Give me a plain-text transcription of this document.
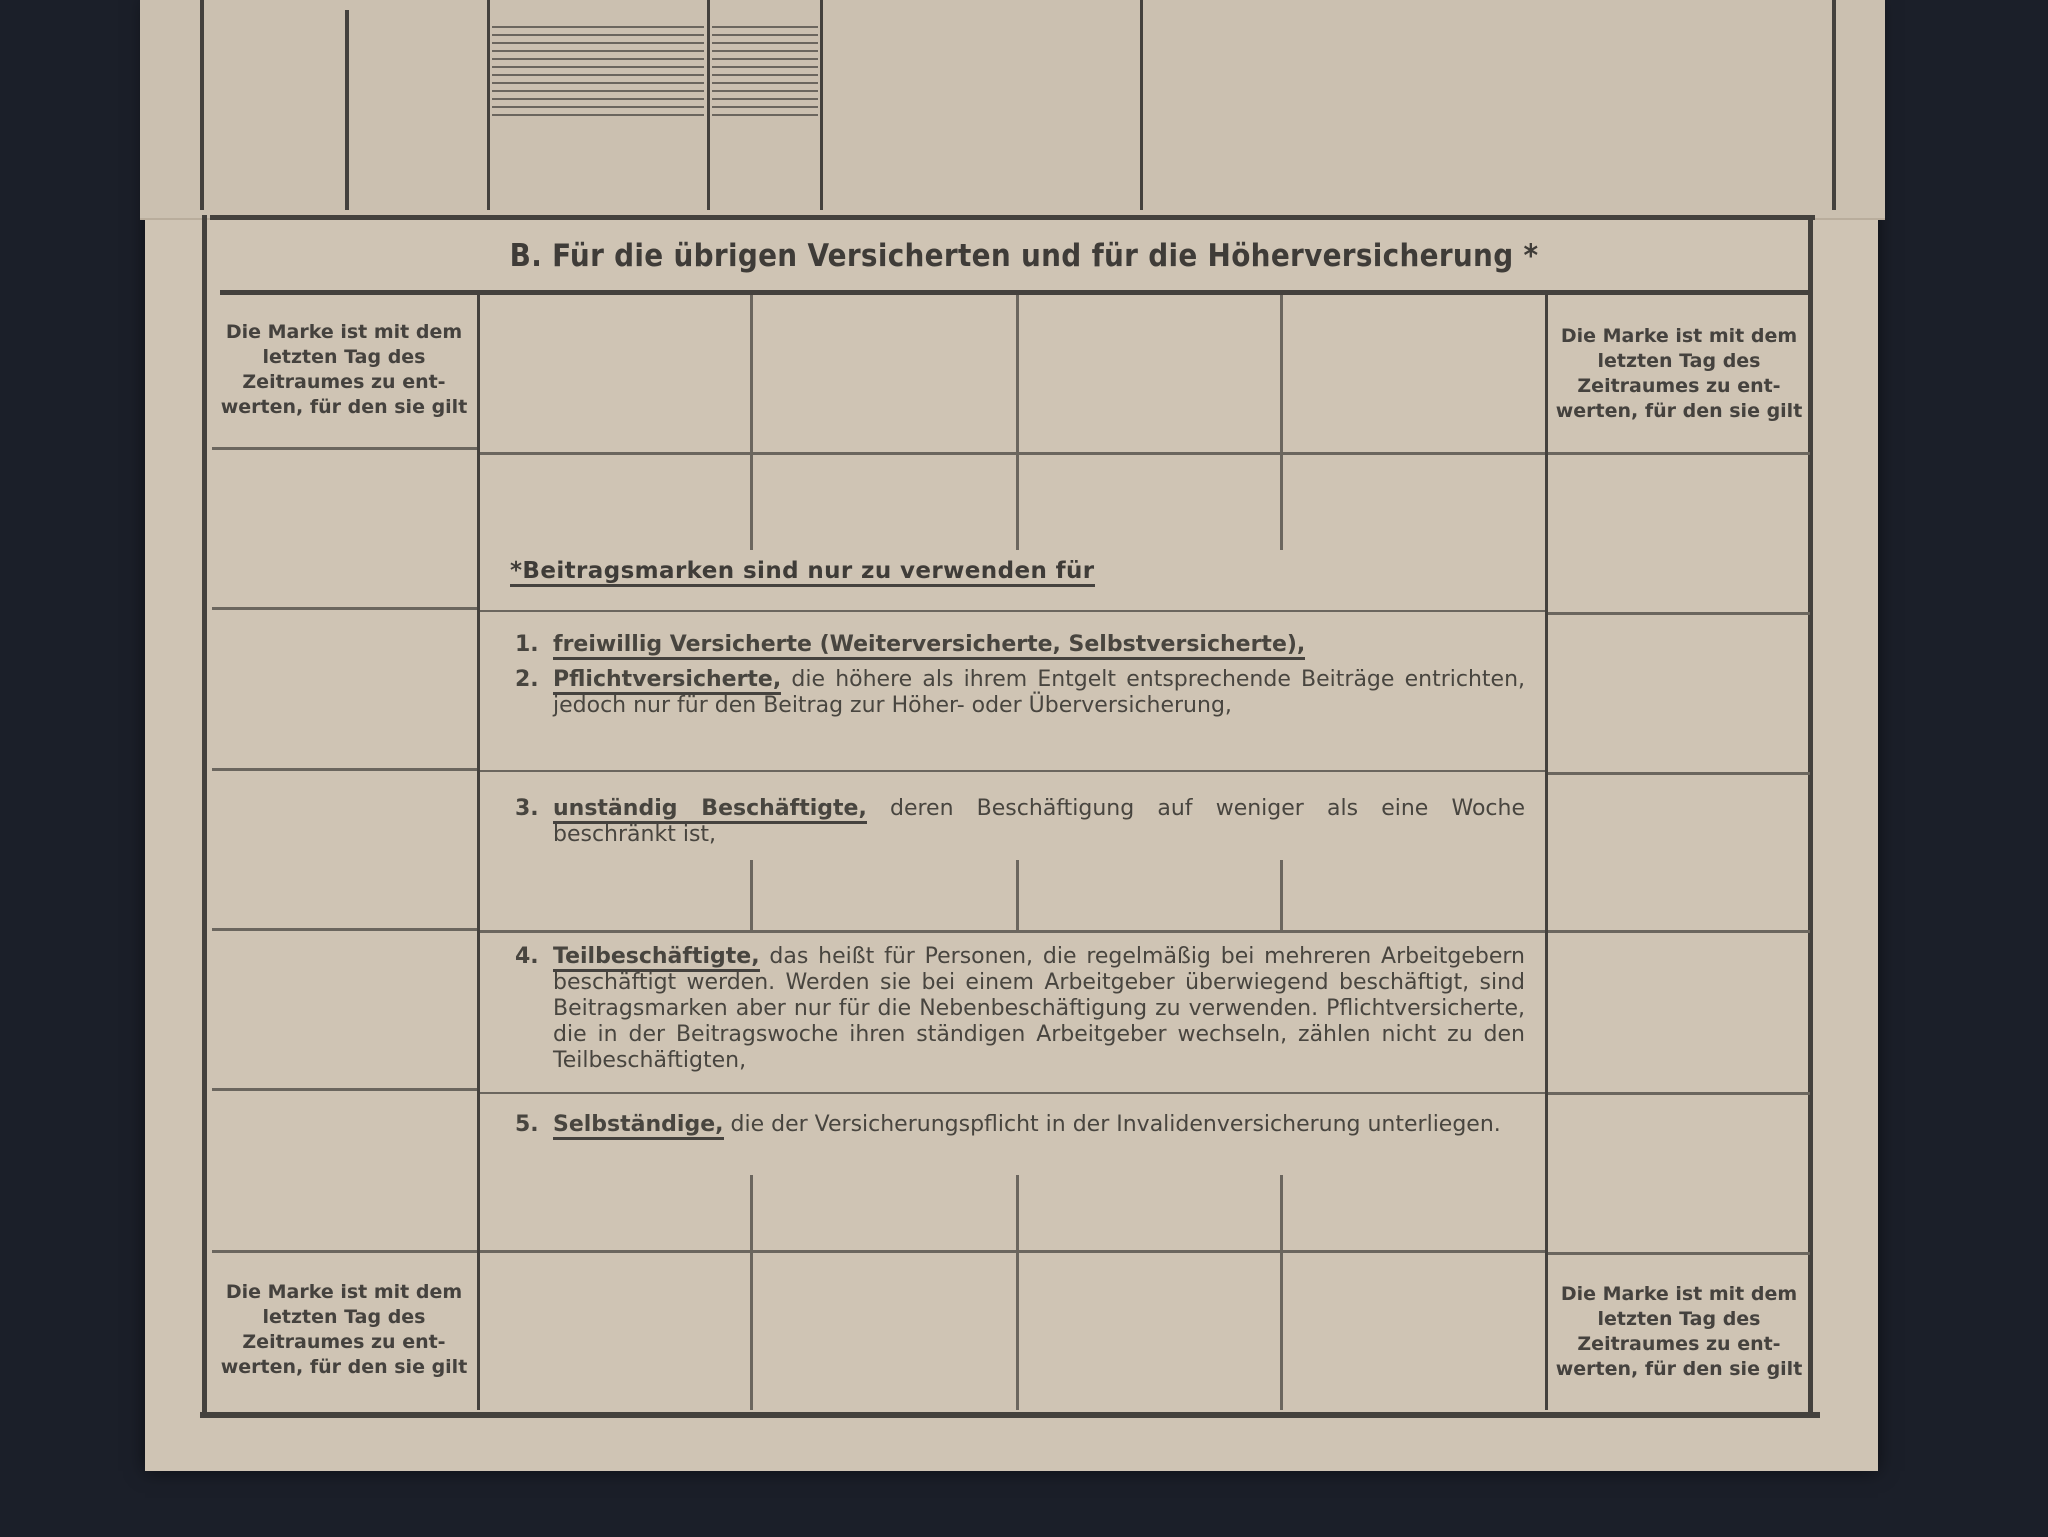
B. Für die übrigen Versicherten und für die Höherversicherung *
Die Marke ist mit dem letzten Tag des Zeitraumes zu ent-werten, für den sie gilt
Die Marke ist mit dem letzten Tag des Zeitraumes zu ent-werten, für den sie gilt
Die Marke ist mit dem letzten Tag des Zeitraumes zu ent-werten, für den sie gilt
Die Marke ist mit dem letzten Tag des Zeitraumes zu ent-werten, für den sie gilt
*Beitragsmarken sind nur zu verwenden für
1. freiwillig Versicherte (Weiterversicherte, Selbstversicherte),
2. Pflichtversicherte, die höhere als ihrem Entgelt entsprechende Beiträge entrichten, jedoch nur für den Beitrag zur Höher- oder Überversicherung,
3. unständig Beschäftigte, deren Beschäftigung auf weniger als eine Woche beschränkt ist,
4. Teilbeschäftigte, das heißt für Personen, die regelmäßig bei mehreren Arbeitgebern beschäftigt werden. Werden sie bei einem Arbeitgeber überwiegend beschäftigt, sind Beitragsmarken aber nur für die Nebenbeschäftigung zu verwenden. Pflichtversicherte, die in der Beitragswoche ihren ständigen Arbeitgeber wechseln, zählen nicht zu den Teilbeschäftigten,
5. Selbständige, die der Versicherungspflicht in der Invalidenversicherung unterliegen.
